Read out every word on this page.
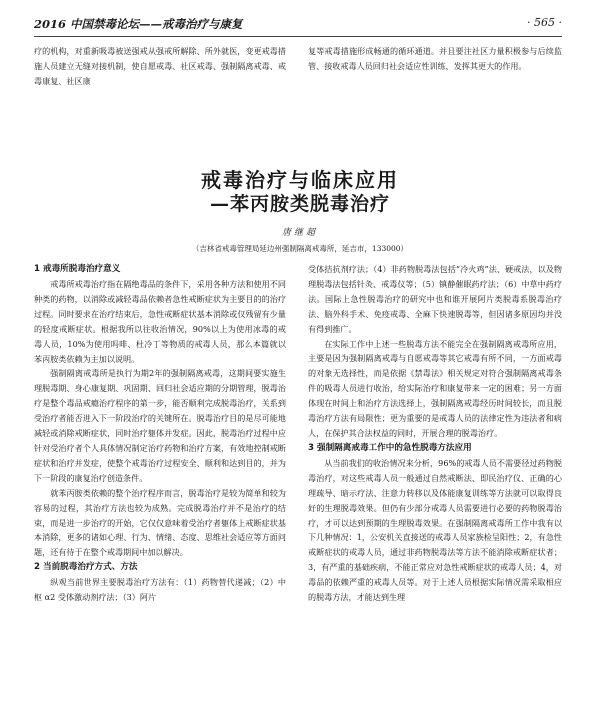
2016 中国禁毒论坛——戒毒治疗与康复	· 565 ·

疗的机构，对重新吸毒被送强戒从强戒所解除、所外就医，变更戒毒措施人员建立无缝对接机制，使自愿戒毒、社区戒毒、强制隔离戒毒、戒毒康复、社区康

复等戒毒措施形成畅通的循环通道。并且要注社区力量积极参与后续监管、接收戒毒人员回归社会适应性训练，发挥其更大的作用。

戒毒治疗与临床应用
—苯丙胺类脱毒治疗
唐继超
（吉林省戒毒管理局延边州强制隔离戒毒所，延吉市，133000）
1 戒毒所脱毒治疗意义

戒毒所戒毒治疗指在隔绝毒品的条件下，采用各种方法和使用不同种类的药物，以消除或减轻毒品依赖者急性戒断症状为主要目的的治疗过程。同时要求在治疗结束后，急性戒断症状基本消除或仅残留有少量的轻度戒断症状。根据我所以往收治情况，90%以上为使用冰毒的戒毒人员，10%为使用吗啡、杜冷丁等物质的戒毒人员，那么本篇就以苯丙胺类依赖为主加以说明。

强制隔离戒毒所是执行为期2年的强制隔离戒毒，这期间要实施生理脱毒期、身心康复期、巩固期、回归社会适应期的分期管理，脱毒治疗是整个毒品戒瘾治疗程序的第一步，能否顺利完成脱毒治疗，关系到受治疗者能否进入下一阶段治疗的关键所在。脱毒治疗目的是尽可能地减轻或消除戒断症状，同时治疗躯体并发症。因此，脱毒治疗过程中应针对受治疗者个人具体情况制定治疗药物和治疗方案，有效地控制戒断症状和治疗并发症，使整个戒毒治疗过程安全、顺利和达到目的，并为下一阶段的康复治疗创造条件。

就苯丙胺类依赖的整个治疗程序而言，脱毒治疗是较为简单和较为容易的过程，其治疗方法也较为成熟。完成脱毒治疗并不是治疗的结束，而是进一步治疗的开始，它仅仅意味着受治疗者躯体上戒断症状基本消除，更多的诸如心理、行为、情绪、态度、思维社会适应等方面问题，还有待于在整个戒毒期间中加以解决。

2 当前脱毒治疗方式、方法

纵观当前世界主要脱毒治疗方法有：（1）药物替代递减；（2）中枢 α2 受体激动剂疗法；（3）阿片

受体拮抗剂疗法；（4）非药物脱毒法包括“冷火鸡”法、硬戒法，以及物理脱毒法包括针灸、戒毒仪等；（5）镇静催眠药疗法；（6）中草中药疗法。国际上急性脱毒治疗的研究中也和谁开展阿片类脱毒系脱毒治疗法、脑外科手术、免疫戒毒、全麻下快速脱毒等，但因诸多原因均并没有得到推广。

在实际工作中上述一些脱毒方法不能完全在强制隔离戒毒所应用，主要是因为强制隔离戒毒与自愿戒毒等其它戒毒有所不同，一方面戒毒的对象无选择性，而是依据《禁毒法》相关规定对符合强制隔离戒毒条件的吸毒人员进行收治，给实际治疗和康复带来一定的困难；另一方面体现在时间上和治疗方法选择上，强制隔离戒毒经历时间较长，而且脱毒治疗方法有局限性；更为重要的是戒毒人员的法律定性为违法者和病人，在保护其合法权益的同时，开展合理的脱毒治疗。

3 强制隔离戒毒工作中的急性脱毒方法应用

从当前我们的收治情况来分析，96%的戒毒人员不需要径过药物脱毒治疗，对这些戒毒人员一般通过自然戒断法、即民治疗仪、正确的心理疏导、暗示疗法、注意力转移以及体能康复训练等方法就可以取得良好的生理脱毒效果。但仍有少部分戒毒人员需要进行必要的药物脱毒治疗，才可以达到预期的生理脱毒效果。在强制隔离戒毒所工作中我有以下几种情况：1，公安机关直接送的戒毒人员家族检呈阳性；2，有急性戒断症状的戒毒人员，通过非药物脱毒法等方法不能消除戒断症状者；3，有严重的基础疾病，不能正常应对急性戒断症状的戒毒人员；4，对毒品的依赖严重的戒毒人员等。对于上述人员根据实际情况需采取相应的脱毒方法，才能达到生理
